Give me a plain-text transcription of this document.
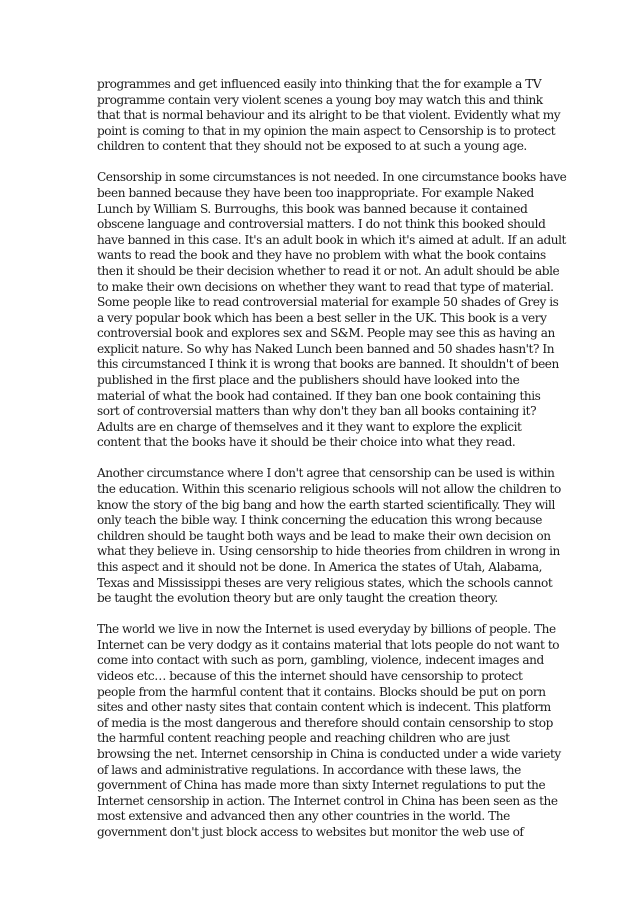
programmes and get influenced easily into thinking that the for example a TV
programme contain very violent scenes a young boy may watch this and think
that that is normal behaviour and its alright to be that violent. Evidently what my
point is coming to that in my opinion the main aspect to Censorship is to protect
children to content that they should not be exposed to at such a young age.

Censorship in some circumstances is not needed. In one circumstance books have
been banned because they have been too inappropriate. For example Naked
Lunch by William S. Burroughs, this book was banned because it contained
obscene language and controversial matters. I do not think this booked should
have banned in this case. It's an adult book in which it's aimed at adult. If an adult
wants to read the book and they have no problem with what the book contains
then it should be their decision whether to read it or not. An adult should be able
to make their own decisions on whether they want to read that type of material.
Some people like to read controversial material for example 50 shades of Grey is
a very popular book which has been a best seller in the UK. This book is a very
controversial book and explores sex and S&M. People may see this as having an
explicit nature. So why has Naked Lunch been banned and 50 shades hasn't? In
this circumstanced I think it is wrong that books are banned. It shouldn't of been
published in the first place and the publishers should have looked into the
material of what the book had contained. If they ban one book containing this
sort of controversial matters than why don't they ban all books containing it?
Adults are en charge of themselves and it they want to explore the explicit
content that the books have it should be their choice into what they read.

Another circumstance where I don't agree that censorship can be used is within
the education. Within this scenario religious schools will not allow the children to
know the story of the big bang and how the earth started scientifically. They will
only teach the bible way. I think concerning the education this wrong because
children should be taught both ways and be lead to make their own decision on
what they believe in. Using censorship to hide theories from children in wrong in
this aspect and it should not be done. In America the states of Utah, Alabama,
Texas and Mississippi theses are very religious states, which the schools cannot
be taught the evolution theory but are only taught the creation theory.

The world we live in now the Internet is used everyday by billions of people. The
Internet can be very dodgy as it contains material that lots people do not want to
come into contact with such as porn, gambling, violence, indecent images and
videos etc… because of this the internet should have censorship to protect
people from the harmful content that it contains. Blocks should be put on porn
sites and other nasty sites that contain content which is indecent. This platform
of media is the most dangerous and therefore should contain censorship to stop
the harmful content reaching people and reaching children who are just
browsing the net. Internet censorship in China is conducted under a wide variety
of laws and administrative regulations. In accordance with these laws, the
government of China has made more than sixty Internet regulations to put the
Internet censorship in action. The Internet control in China has been seen as the
most extensive and advanced then any other countries in the world. The
government don't just block access to websites but monitor the web use of
